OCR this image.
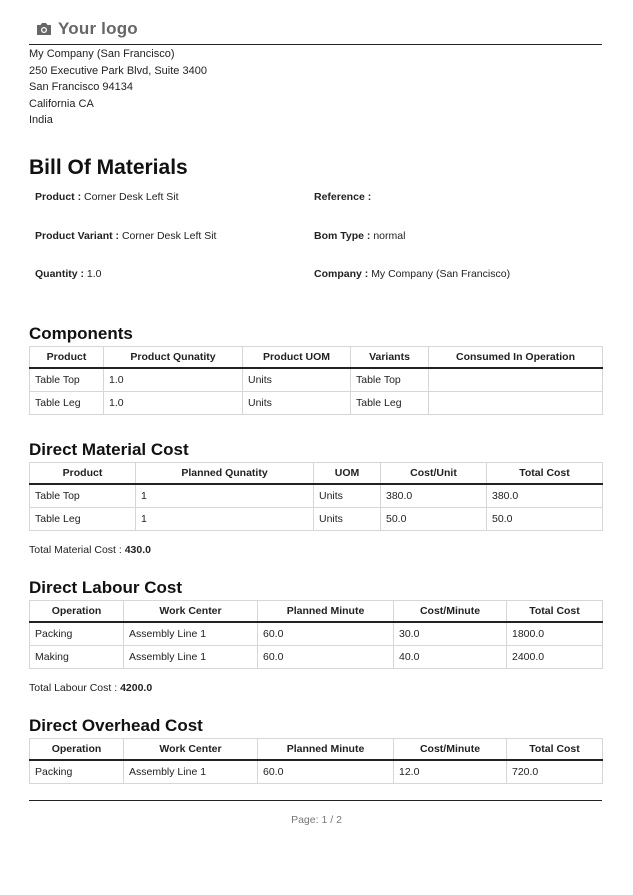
Your logo
My Company (San Francisco)
250 Executive Park Blvd, Suite 3400
San Francisco 94134
California CA
India
Bill Of Materials
Product : Corner Desk Left Sit	Reference :
Product Variant : Corner Desk Left Sit	Bom Type : normal
Quantity : 1.0	Company : My Company (San Francisco)
Components
Product	Product Qunatity	Product UOM	Variants	Consumed In Operation
Table Top	1.0	Units	Table Top	
Table Leg	1.0	Units	Table Leg	
Direct Material Cost
Product	Planned Qunatity	UOM	Cost/Unit	Total Cost
Table Top	1	Units	380.0	380.0
Table Leg	1	Units	50.0	50.0
Total Material Cost : 430.0
Direct Labour Cost
Operation	Work Center	Planned Minute	Cost/Minute	Total Cost
Packing	Assembly Line 1	60.0	30.0	1800.0
Making	Assembly Line 1	60.0	40.0	2400.0
Total Labour Cost : 4200.0
Direct Overhead Cost
Operation	Work Center	Planned Minute	Cost/Minute	Total Cost
Packing	Assembly Line 1	60.0	12.0	720.0
Page: 1 / 2
